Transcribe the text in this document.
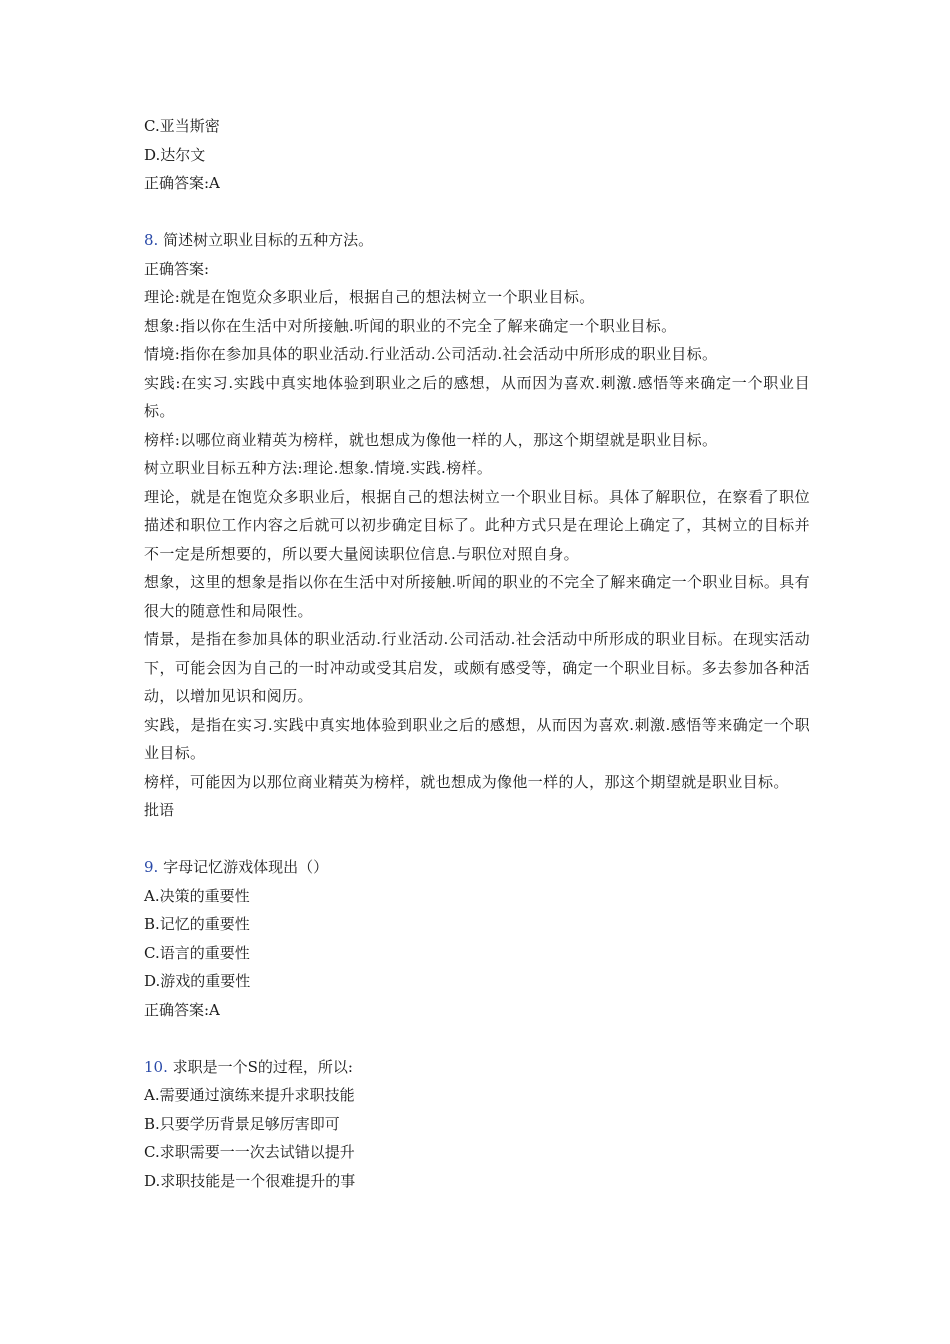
C.亚当斯密
D.达尔文
正确答案:A
8. 简述树立职业目标的五种方法。
正确答案:
理论:就是在饱览众多职业后，根据自己的想法树立一个职业目标。
想象:指以你在生活中对所接触.听闻的职业的不完全了解来确定一个职业目标。
情境:指你在参加具体的职业活动.行业活动.公司活动.社会活动中所形成的职业目标。
实践:在实习.实践中真实地体验到职业之后的感想，从而因为喜欢.刺激.感悟等来确定一个职业目标。
榜样:以哪位商业精英为榜样，就也想成为像他一样的人，那这个期望就是职业目标。
树立职业目标五种方法:理论.想象.情境.实践.榜样。
理论，就是在饱览众多职业后，根据自己的想法树立一个职业目标。具体了解职位，在察看了职位描述和职位工作内容之后就可以初步确定目标了。此种方式只是在理论上确定了，其树立的目标并不一定是所想要的，所以要大量阅读职位信息.与职位对照自身。
想象，这里的想象是指以你在生活中对所接触.听闻的职业的不完全了解来确定一个职业目标。具有很大的随意性和局限性。
情景，是指在参加具体的职业活动.行业活动.公司活动.社会活动中所形成的职业目标。在现实活动下，可能会因为自己的一时冲动或受其启发，或颇有感受等，确定一个职业目标。多去参加各种活动，以增加见识和阅历。
实践，是指在实习.实践中真实地体验到职业之后的感想，从而因为喜欢.刺激.感悟等来确定一个职业目标。
榜样，可能因为以那位商业精英为榜样，就也想成为像他一样的人，那这个期望就是职业目标。
批语
9. 字母记忆游戏体现出（）
A.决策的重要性
B.记忆的重要性
C.语言的重要性
D.游戏的重要性
正确答案:A
10. 求职是一个S的过程，所以:
A.需要通过演练来提升求职技能
B.只要学历背景足够厉害即可
C.求职需要一一次去试错以提升
D.求职技能是一个很难提升的事
